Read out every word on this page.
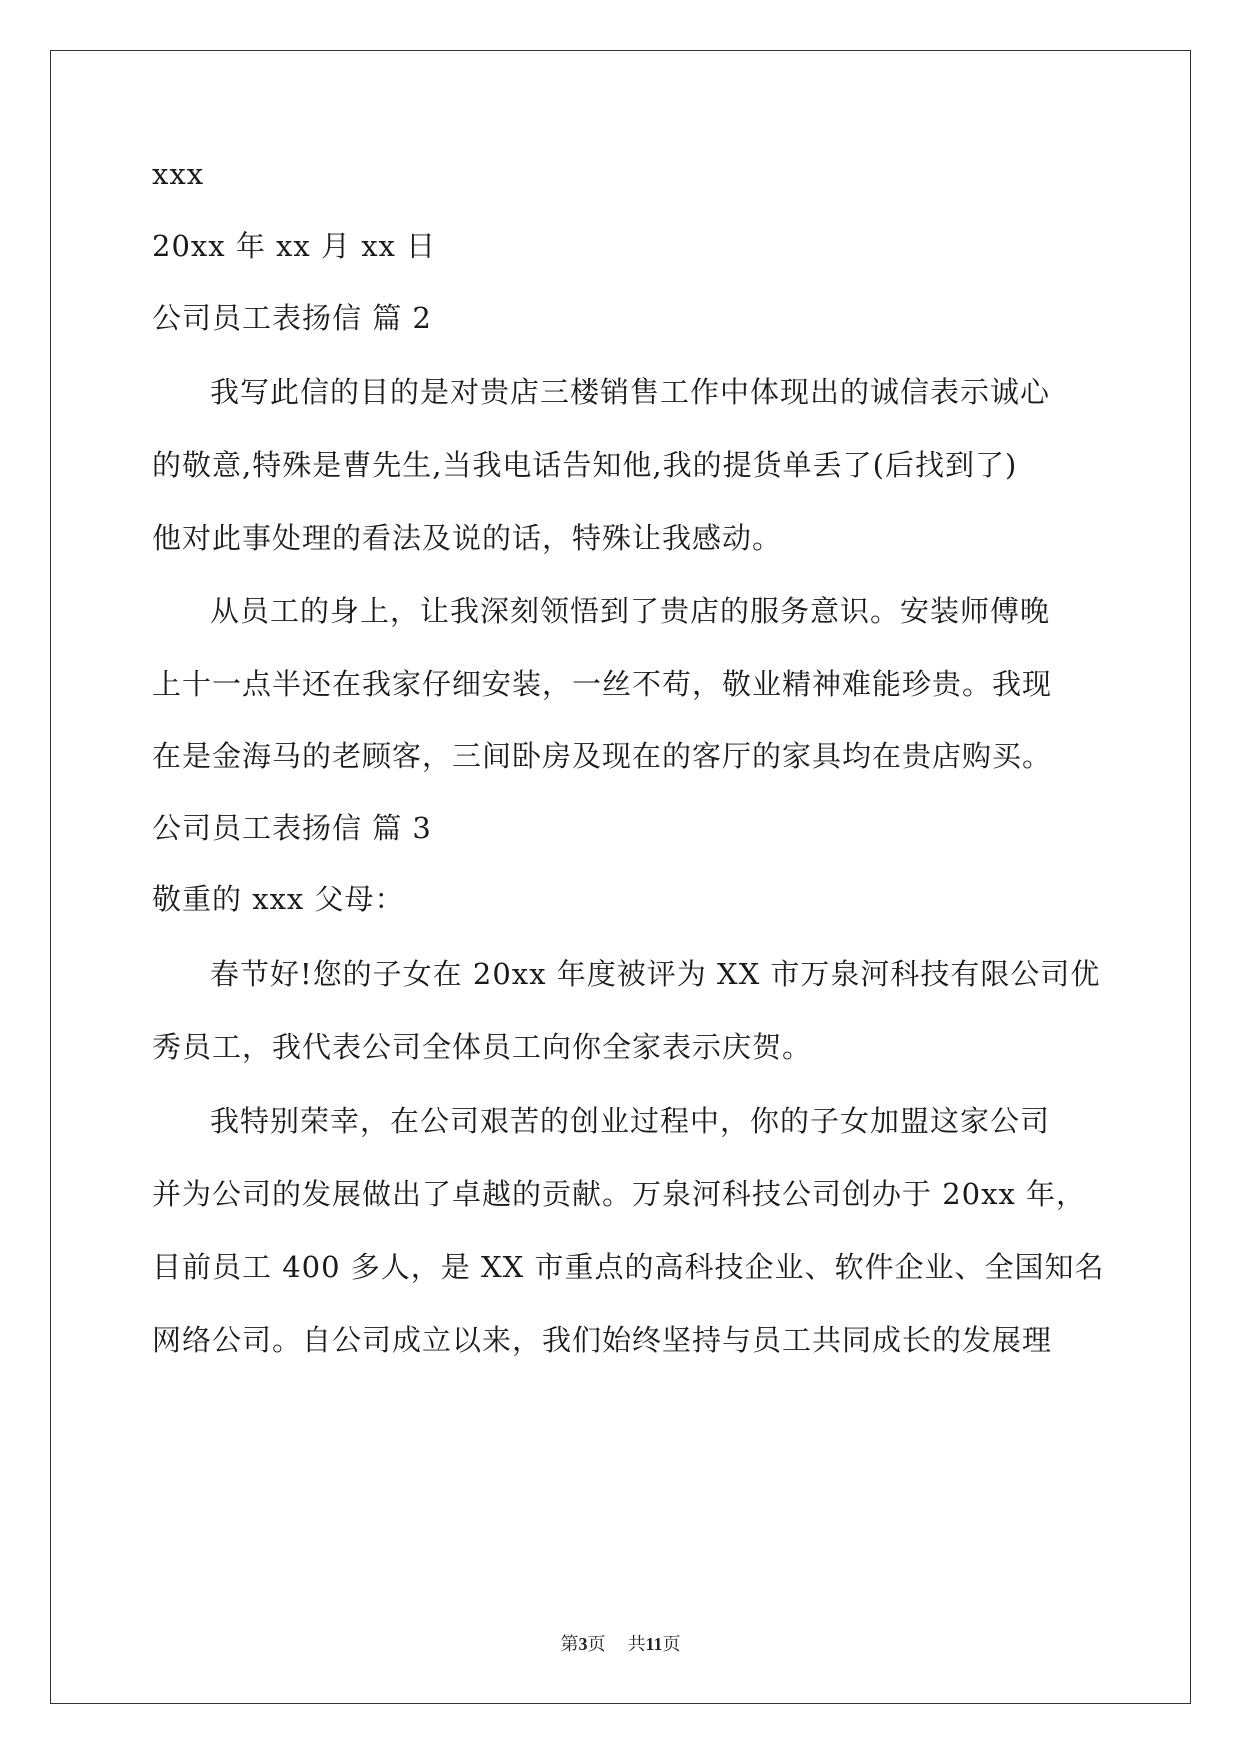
xxx
20xx 年 xx 月 xx 日
公司员工表扬信 篇 2
我写此信的目的是对贵店三楼销售工作中体现出的诚信表示诚心
的敬意,特殊是曹先生,当我电话告知他,我的提货单丢了(后找到了)
他对此事处理的看法及说的话，特殊让我感动。
从员工的身上，让我深刻领悟到了贵店的服务意识。安装师傅晚
上十一点半还在我家仔细安装，一丝不苟，敬业精神难能珍贵。我现
在是金海马的老顾客，三间卧房及现在的客厅的家具均在贵店购买。
公司员工表扬信 篇 3
敬重的 xxx 父母：
春节好!您的子女在 20xx 年度被评为 XX 市万泉河科技有限公司优
秀员工，我代表公司全体员工向你全家表示庆贺。
我特别荣幸，在公司艰苦的创业过程中，你的子女加盟这家公司
并为公司的发展做出了卓越的贡献。万泉河科技公司创办于 20xx 年，
目前员工 400 多人，是 XX 市重点的高科技企业、软件企业、全国知名
网络公司。自公司成立以来，我们始终坚持与员工共同成长的发展理
第3页 共11页
